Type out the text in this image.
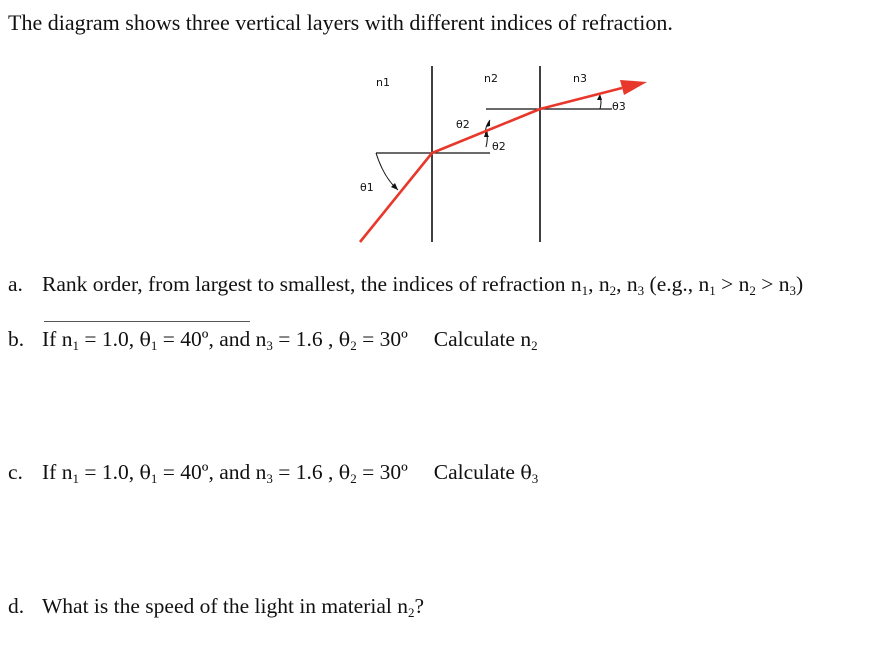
The diagram shows three vertical layers with different indices of refraction.
n1	n2	n3
θ1
θ2
θ2
θ3
a. Rank order, from largest to smallest, the indices of refraction $n_1$, $n_2$, $n_3$ (e.g., $n_1 > n_2 > n_3$)
b. If $n_1 = 1.0$, $\theta_1$ = 40º, and $n_3 = 1.6$ , $\theta_2$ = 30º Calculate $n_2$
c. If $n_1 = 1.0$, $\theta_1$ = 40º, and $n_3 = 1.6$ , $\theta_2$ = 30º Calculate $\theta_3$
d. What is the speed of the light in material $n_2$?
